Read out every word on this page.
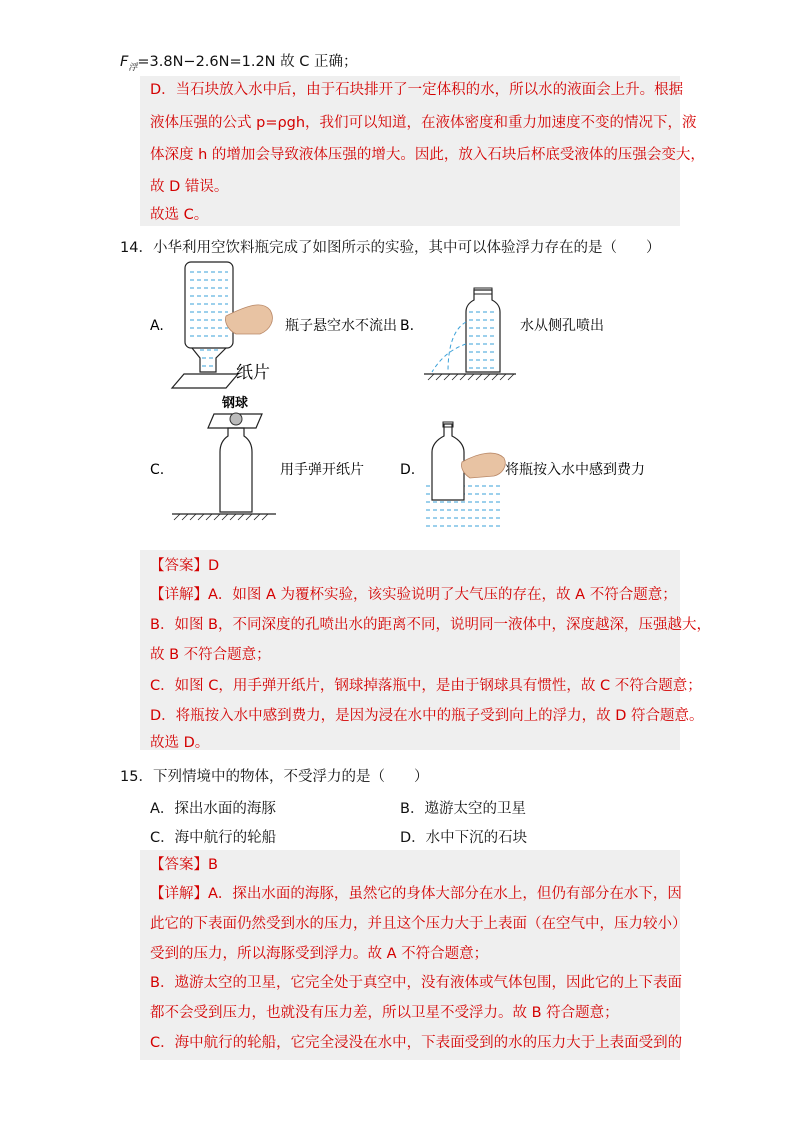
$F_浮=3.8N-2.6N=1.2N$ 故 C 正确；
D．当石块放入水中后，由于石块排开了一定体积的水，所以水的液面会上升。根据
液体压强的公式 p=ρgh，我们可以知道，在液体密度和重力加速度不变的情况下，液
体深度 h 的增加会导致液体压强的增大。因此，放入石块后杯底受液体的压强会变大，
故 D 错误。
故选 C。
14．小华利用空饮料瓶完成了如图所示的实验，其中可以体验浮力存在的是（　　）
A.	瓶子悬空水不流出
纸片
B.	水从侧孔喷出
C.
钢球
用手弹开纸片	D.	将瓶按入水中感到费力
【答案】D
【详解】A．如图 A 为覆杯实验，该实验说明了大气压的存在，故 A 不符合题意；
B．如图 B，不同深度的孔喷出水的距离不同，说明同一液体中，深度越深，压强越大，
故 B 不符合题意；
C．如图 C，用手弹开纸片，钢球掉落瓶中，是由于钢球具有惯性，故 C 不符合题意；
D．将瓶按入水中感到费力，是因为浸在水中的瓶子受到向上的浮力，故 D 符合题意。
故选 D。
15．下列情境中的物体，不受浮力的是（　　）
A．探出水面的海豚	B．遨游太空的卫星
C．海中航行的轮船	D．水中下沉的石块
【答案】B
【详解】A．探出水面的海豚，虽然它的身体大部分在水上，但仍有部分在水下，因
此它的下表面仍然受到水的压力，并且这个压力大于上表面（在空气中，压力较小）
受到的压力，所以海豚受到浮力。故 A 不符合题意；
B．遨游太空的卫星，它完全处于真空中，没有液体或气体包围，因此它的上下表面
都不会受到压力，也就没有压力差，所以卫星不受浮力。故 B 符合题意；
C．海中航行的轮船，它完全浸没在水中，下表面受到的水的压力大于上表面受到的
